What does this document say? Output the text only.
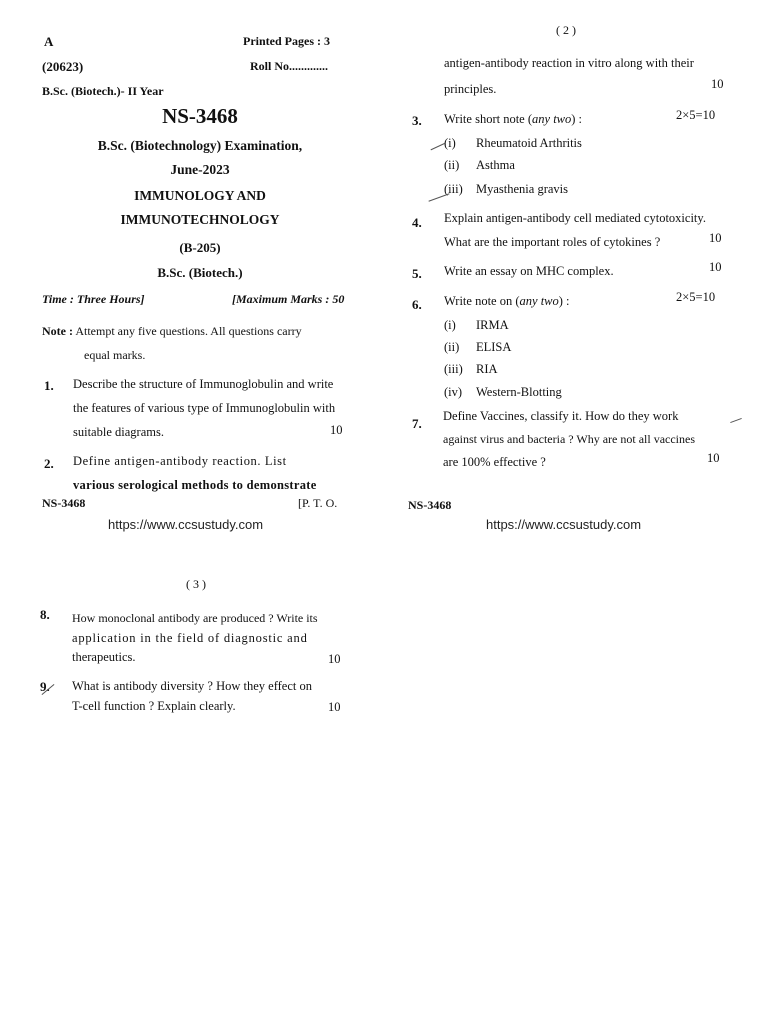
A	Printed Pages : 3
(20623)	Roll No.............
B.Sc. (Biotech.)- II Year
NS-3468
B.Sc. (Biotechnology) Examination,
June-2023
IMMUNOLOGY AND
IMMUNOTECHNOLOGY
(B-205)
B.Sc. (Biotech.)
Time : Three Hours]	[Maximum Marks : 50
Note : Attempt any five questions. All questions carry
equal marks.
1. Describe the structure of Immunoglobulin and write
the features of various type of Immunoglobulin with
suitable diagrams.	10
2. Define antigen-antibody reaction. List
various serological methods to demonstrate
NS-3468	[P. T. O.
https://www.ccsustudy.com
( 2 )
antigen-antibody reaction in vitro along with their
10
principles.
3. Write short note (any two) :	2×5=10
(i) Rheumatoid Arthritis
(ii) Asthma
(iii) Myasthenia gravis
4. Explain antigen-antibody cell mediated cytotoxicity.
What are the important roles of cytokines ?	10
5. Write an essay on MHC complex.	10
6. Write note on (any two) :	2×5=10
(i) IRMA
(ii) ELISA
(iii) RIA
(iv) Western-Blotting
7. Define Vaccines, classify it. How do they work
against virus and bacteria ? Why are not all vaccines
are 100% effective ?	10
NS-3468
https://www.ccsustudy.com
( 3 )
8. How monoclonal antibody are produced ? Write its
application in the field of diagnostic and
therapeutics.	10
9. What is antibody diversity ? How they effect on
T-cell function ? Explain clearly.	10
